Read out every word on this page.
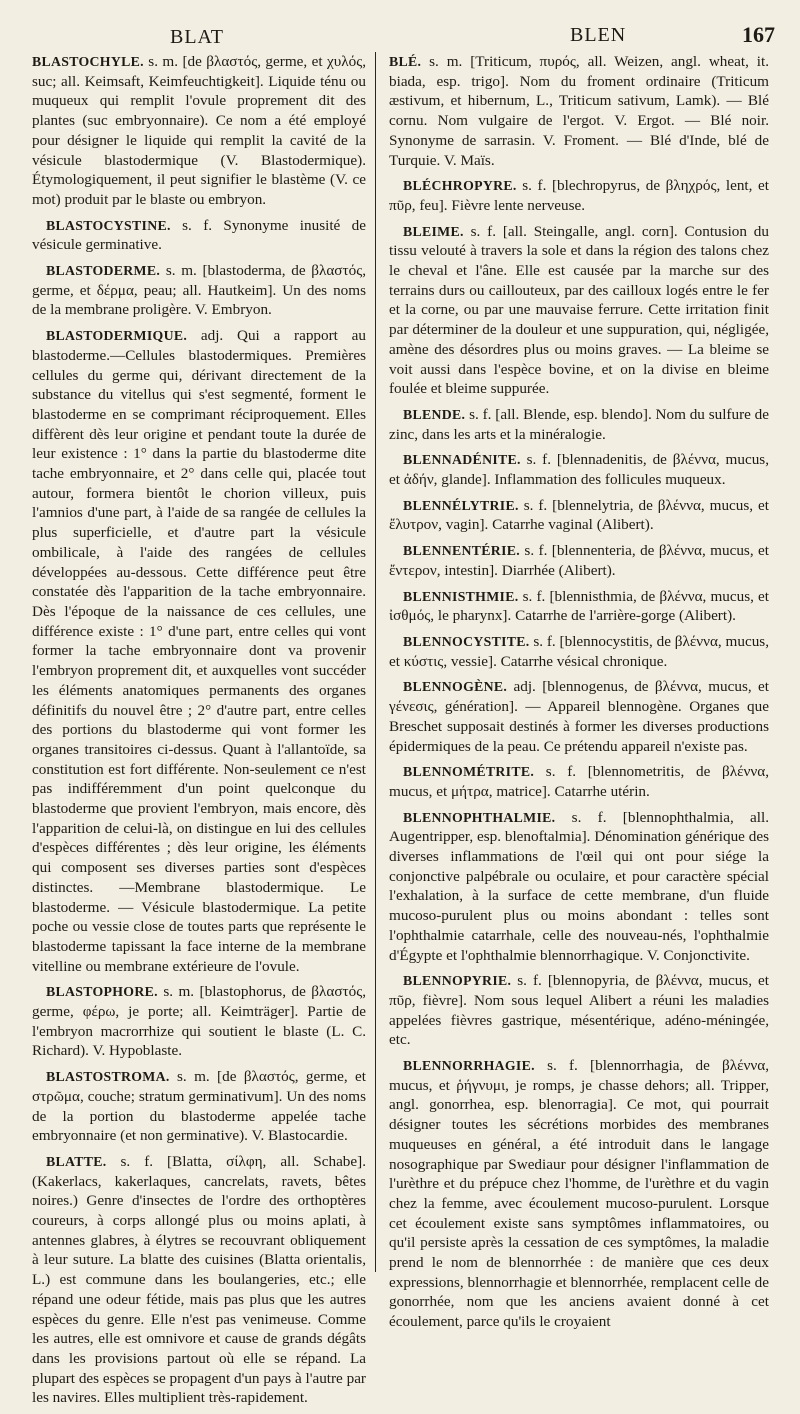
BLAT	BLEN	167

BLASTOCHYLE. s. m. [de βλαστός, germe, et χυλός, suc; all. Keimsaft, Keimfeuchtigkeit]. Liquide ténu ou muqueux qui remplit l'ovule proprement dit des plantes (suc embryonnaire). Ce nom a été employé pour désigner le liquide qui remplit la cavité de la vésicule blastodermique (V. Blastodermique). Étymologiquement, il peut signifier le blastème (V. ce mot) produit par le blaste ou embryon.

BLASTOCYSTINE. s. f. Synonyme inusité de vésicule germinative.

BLASTODERME. s. m. [blastoderma, de βλαστός, germe, et δέρμα, peau; all. Hautkeim]. Un des noms de la membrane proligère. V. Embryon.

BLASTODERMIQUE. adj. Qui a rapport au blastoderme.—Cellules blastodermiques. Premières cellules du germe qui, dérivant directement de la substance du vitellus qui s'est segmenté, forment le blastoderme en se comprimant réciproquement. Elles diffèrent dès leur origine et pendant toute la durée de leur existence : 1° dans la partie du blastoderme dite tache embryonnaire, et 2° dans celle qui, placée tout autour, formera bientôt le chorion villeux, puis l'amnios d'une part, à l'aide de sa rangée de cellules la plus superficielle, et d'autre part la vésicule ombilicale, à l'aide des rangées de cellules développées au-dessous. Cette différence peut être constatée dès l'apparition de la tache embryonnaire. Dès l'époque de la naissance de ces cellules, une différence existe : 1° d'une part, entre celles qui vont former la tache embryonnaire dont va provenir l'embryon proprement dit, et auxquelles vont succéder les éléments anatomiques permanents des organes définitifs du nouvel être ; 2° d'autre part, entre celles des portions du blastoderme qui vont former les organes transitoires ci-dessus. Quant à l'allantoïde, sa constitution est fort différente. Non-seulement ce n'est pas indifféremment d'un point quelconque du blastoderme que provient l'embryon, mais encore, dès l'apparition de celui-là, on distingue en lui des cellules d'espèces différentes ; dès leur origine, les éléments qui composent ses diverses parties sont d'espèces distinctes. —Membrane blastodermique. Le blastoderme. — Vésicule blastodermique. La petite poche ou vessie close de toutes parts que représente le blastoderme tapissant la face interne de la membrane vitelline ou membrane extérieure de l'ovule.

BLASTOPHORE. s. m. [blastophorus, de βλαστός, germe, φέρω, je porte; all. Keimträger]. Partie de l'embryon macrorrhize qui soutient le blaste (L. C. Richard). V. Hypoblaste.

BLASTOSTROMA. s. m. [de βλαστός, germe, et στρῶμα, couche; stratum germinativum]. Un des noms de la portion du blastoderme appelée tache embryonnaire (et non germinative). V. Blastocardie.

BLATTE. s. f. [Blatta, σίλφη, all. Schabe]. (Kakerlacs, kakerlaques, cancrelats, ravets, bêtes noires.) Genre d'insectes de l'ordre des orthoptères coureurs, à corps allongé plus ou moins aplati, à antennes glabres, à élytres se recouvrant obliquement à leur suture. La blatte des cuisines (Blatta orientalis, L.) est commune dans les boulangeries, etc.; elle répand une odeur fétide, mais pas plus que les autres espèces du genre. Elle n'est pas venimeuse. Comme les autres, elle est omnivore et cause de grands dégâts dans les provisions partout où elle se répand. La plupart des espèces se propagent d'un pays à l'autre par les navires. Elles multiplient très-rapidement.

BLÉ. s. m. [Triticum, πυρός, all. Weizen, angl. wheat, it. biada, esp. trigo]. Nom du froment ordinaire (Triticum æstivum, et hibernum, L., Triticum sativum, Lamk). — Blé cornu. Nom vulgaire de l'ergot. V. Ergot. — Blé noir. Synonyme de sarrasin. V. Froment. — Blé d'Inde, blé de Turquie. V. Maïs.

BLÉCHROPYRE. s. f. [blechropyrus, de βληχρός, lent, et πῦρ, feu]. Fièvre lente nerveuse.

BLEIME. s. f. [all. Steingalle, angl. corn]. Contusion du tissu velouté à travers la sole et dans la région des talons chez le cheval et l'âne. Elle est causée par la marche sur des terrains durs ou caillouteux, par des cailloux logés entre le fer et la corne, ou par une mauvaise ferrure. Cette irritation finit par déterminer de la douleur et une suppuration, qui, négligée, amène des désordres plus ou moins graves. — La bleime se voit aussi dans l'espèce bovine, et on la divise en bleime foulée et bleime suppurée.

BLENDE. s. f. [all. Blende, esp. blendo]. Nom du sulfure de zinc, dans les arts et la minéralogie.

BLENNADÉNITE. s. f. [blennadenitis, de βλέννα, mucus, et ἀδήν, glande]. Inflammation des follicules muqueux.

BLENNÉLYTRIE. s. f. [blennelytria, de βλέννα, mucus, et ἔλυτρον, vagin]. Catarrhe vaginal (Alibert).

BLENNENTÉRIE. s. f. [blennenteria, de βλέννα, mucus, et ἔντερον, intestin]. Diarrhée (Alibert).

BLENNISTHMIE. s. f. [blennisthmia, de βλέννα, mucus, et ἰσθμός, le pharynx]. Catarrhe de l'arrière-gorge (Alibert).

BLENNOCYSTITE. s. f. [blennocystitis, de βλέννα, mucus, et κύστις, vessie]. Catarrhe vésical chronique.

BLENNOGÈNE. adj. [blennogenus, de βλέννα, mucus, et γένεσις, génération]. — Appareil blennogène. Organes que Breschet supposait destinés à former les diverses productions épidermiques de la peau. Ce prétendu appareil n'existe pas.

BLENNOMÉTRITE. s. f. [blennometritis, de βλέννα, mucus, et μήτρα, matrice]. Catarrhe utérin.

BLENNOPHTHALMIE. s. f. [blennophthalmia, all. Augentripper, esp. blenoftalmia]. Dénomination générique des diverses inflammations de l'œil qui ont pour siége la conjonctive palpébrale ou oculaire, et pour caractère spécial l'exhalation, à la surface de cette membrane, d'un fluide mucoso-purulent plus ou moins abondant : telles sont l'ophthalmie catarrhale, celle des nouveau-nés, l'ophthalmie d'Égypte et l'ophthalmie blennorrhagique. V. Conjonctivite.

BLENNOPYRIE. s. f. [blennopyria, de βλέννα, mucus, et πῦρ, fièvre]. Nom sous lequel Alibert a réuni les maladies appelées fièvres gastrique, mésentérique, adéno-méningée, etc.

BLENNORRHAGIE. s. f. [blennorrhagia, de βλέννα, mucus, et ῥήγνυμι, je romps, je chasse dehors; all. Tripper, angl. gonorrhea, esp. blenorragia]. Ce mot, qui pourrait désigner toutes les sécrétions morbides des membranes muqueuses en général, a été introduit dans le langage nosographique par Swediaur pour désigner l'inflammation de l'urèthre et du prépuce chez l'homme, de l'urèthre et du vagin chez la femme, avec écoulement mucoso-purulent. Lorsque cet écoulement existe sans symptômes inflammatoires, ou qu'il persiste après la cessation de ces symptômes, la maladie prend le nom de blennorrhée : de manière que ces deux expressions, blennorrhagie et blennorrhée, remplacent celle de gonorrhée, nom que les anciens avaient donné à cet écoulement, parce qu'ils le croyaient
